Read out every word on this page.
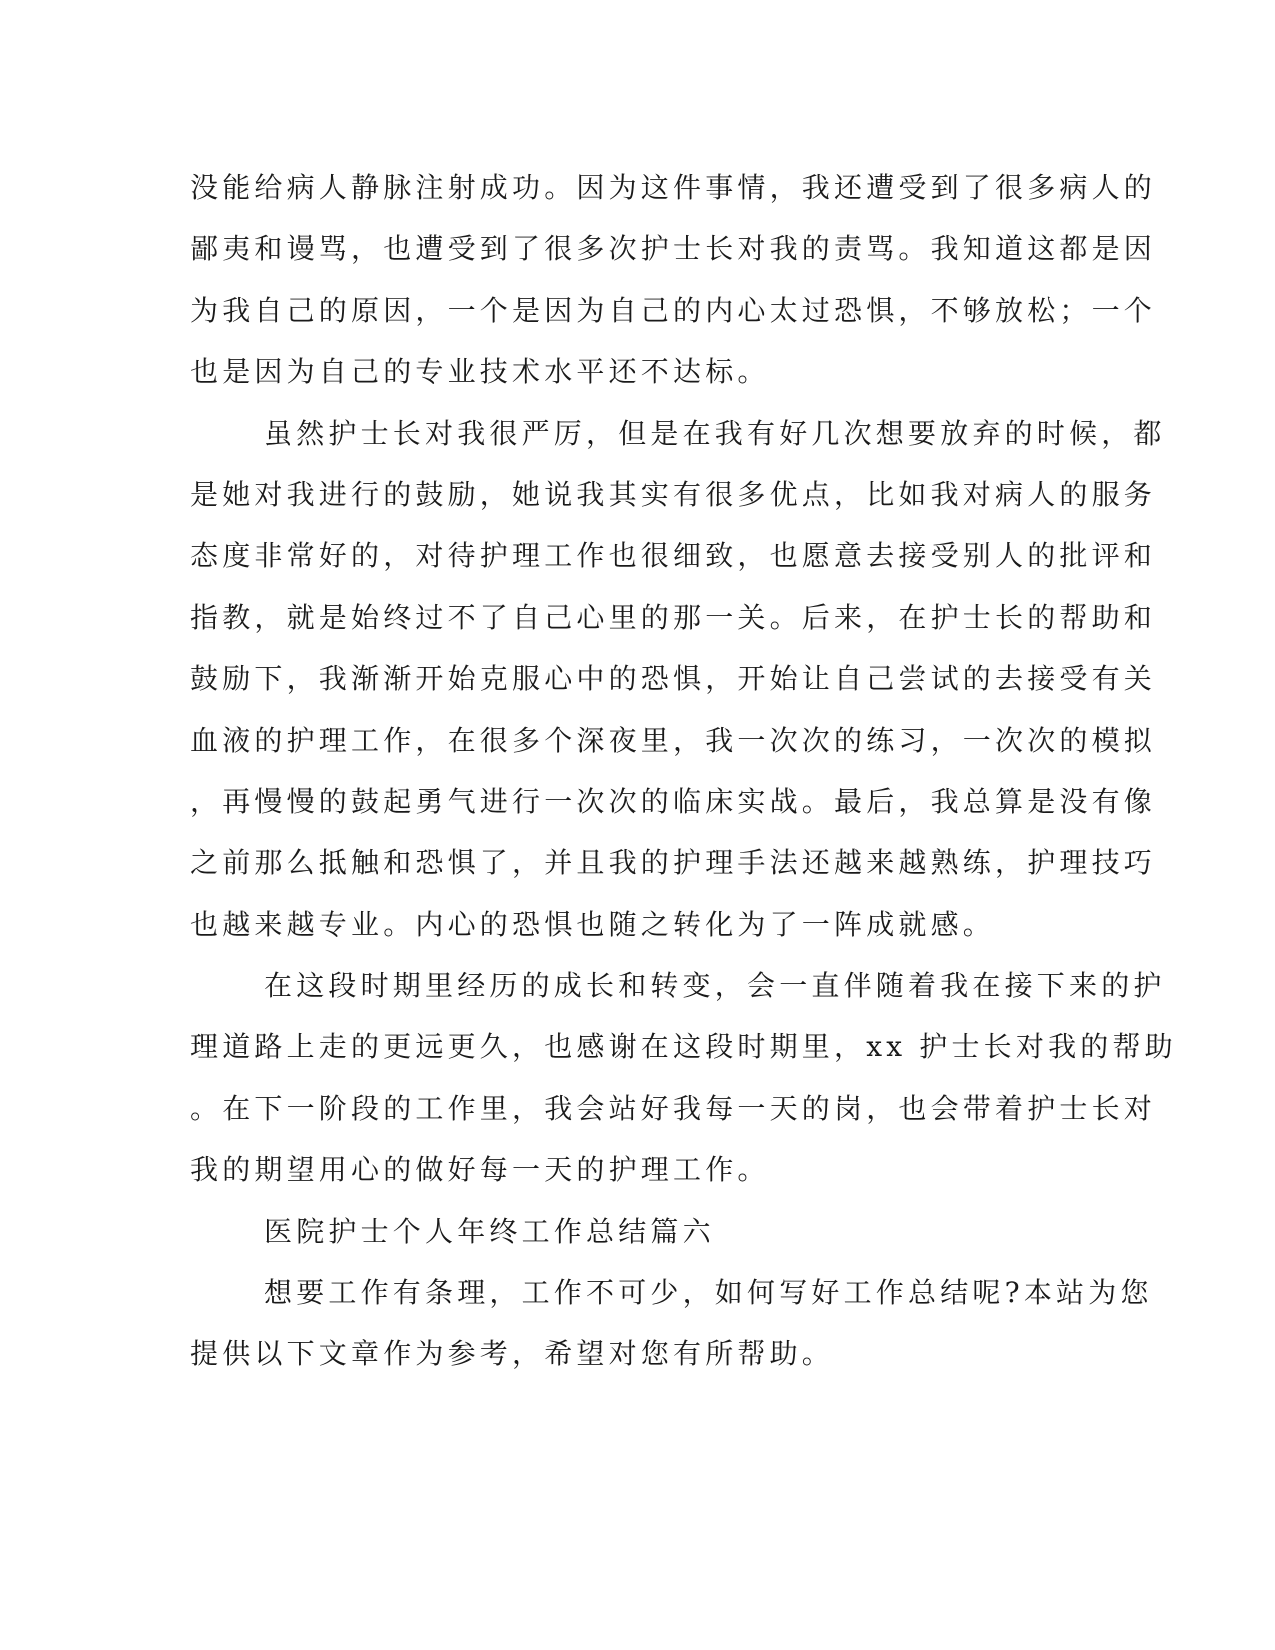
没能给病人静脉注射成功。因为这件事情，我还遭受到了很多病人的
鄙夷和谩骂，也遭受到了很多次护士长对我的责骂。我知道这都是因
为我自己的原因，一个是因为自己的内心太过恐惧，不够放松；一个
也是因为自己的专业技术水平还不达标。
虽然护士长对我很严厉，但是在我有好几次想要放弃的时候，都
是她对我进行的鼓励，她说我其实有很多优点，比如我对病人的服务
态度非常好的，对待护理工作也很细致，也愿意去接受别人的批评和
指教，就是始终过不了自己心里的那一关。后来，在护士长的帮助和
鼓励下，我渐渐开始克服心中的恐惧，开始让自己尝试的去接受有关
血液的护理工作，在很多个深夜里，我一次次的练习，一次次的模拟
，再慢慢的鼓起勇气进行一次次的临床实战。最后，我总算是没有像
之前那么抵触和恐惧了，并且我的护理手法还越来越熟练，护理技巧
也越来越专业。内心的恐惧也随之转化为了一阵成就感。
在这段时期里经历的成长和转变，会一直伴随着我在接下来的护
理道路上走的更远更久，也感谢在这段时期里，xx 护士长对我的帮助
。在下一阶段的工作里，我会站好我每一天的岗，也会带着护士长对
我的期望用心的做好每一天的护理工作。
医院护士个人年终工作总结篇六
想要工作有条理，工作不可少，如何写好工作总结呢?本站为您
提供以下文章作为参考，希望对您有所帮助。
